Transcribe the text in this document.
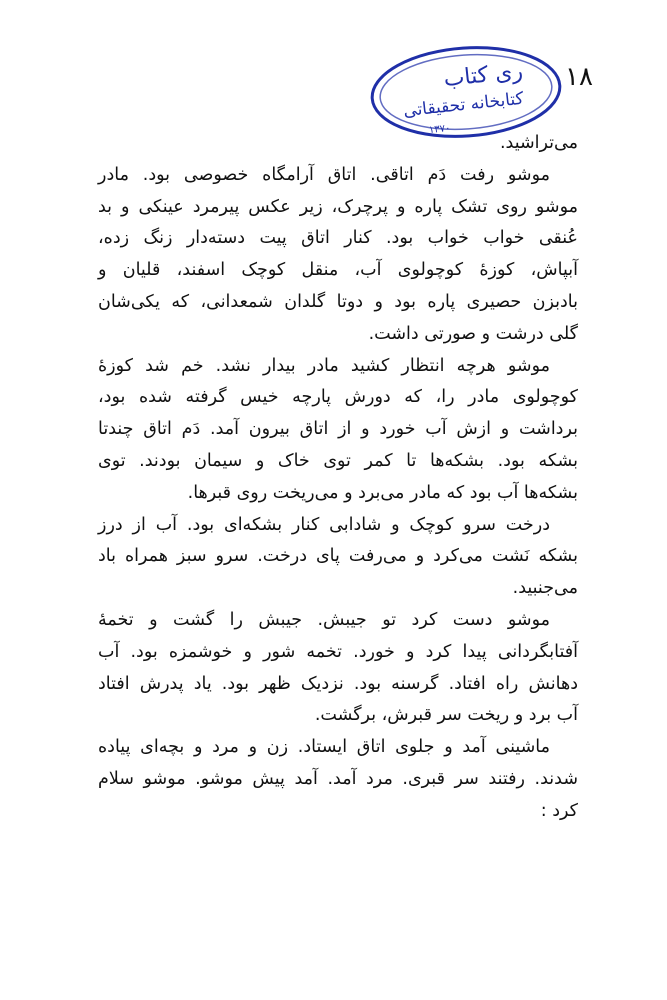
ری کتاب
کتابخانه تحقیقاتی
۱۳۷۰
۱۸
می‌تراشید.
موشو رفت دَم اتاقی. اتاق آرامگاه خصوصی بود. مادر
موشو روی تشک پاره و پرچرک، زیر عکس پیرمرد عینکی و بد
عُنقی خواب خواب بود. کنار اتاق پیت دسته‌دار زنگ زده،
آبپاش، کوزهٔ کوچولوی آب، منقل کوچک اسفند، قلیان و
بادبزن حصیری پاره بود و دوتا گلدان شمعدانی، که یکی‌شان
گلی درشت و صورتی داشت.
موشو هرچه انتظار کشید مادر بیدار نشد. خم شد کوزهٔ
کوچولوی مادر را، که دورش پارچه خیس گرفته شده بود،
برداشت و ازش آب خورد و از اتاق بیرون آمد. دَم اتاق چندتا
بشکه بود. بشکه‌ها تا کمر توی خاک و سیمان بودند. توی
بشکه‌ها آب بود که مادر می‌برد و می‌ریخت روی قبرها.
درخت سرو کوچک و شادابی کنار بشکه‌ای بود. آب از درز
بشکه نَشت می‌کرد و می‌رفت پای درخت. سرو سبز همراه باد
می‌جنبید.
موشو دست کرد تو جیبش. جیبش را گشت و تخمهٔ
آفتابگردانی پیدا کرد و خورد. تخمه شور و خوشمزه بود. آب
دهانش راه افتاد. گرسنه بود. نزدیک ظهر بود. یاد پدرش افتاد
آب برد و ریخت سر قبرش، برگشت.
ماشینی آمد و جلوی اتاق ایستاد. زن و مرد و بچه‌ای پیاده
شدند. رفتند سر قبری. مرد آمد. آمد پیش موشو. موشو سلام
کرد :
